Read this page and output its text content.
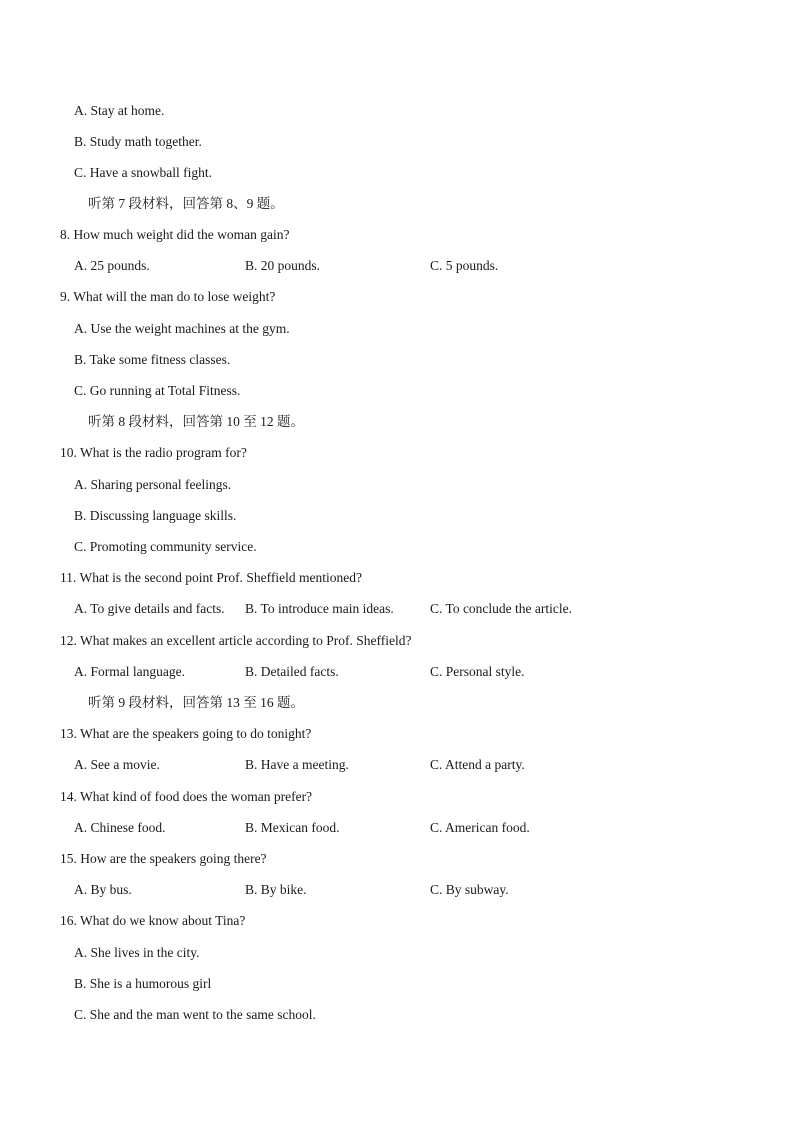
A. Stay at home.
B. Study math together.
C. Have a snowball fight.
听第 7 段材料，回答第 8、9 题。
8. How much weight did the woman gain?
A. 25 pounds.	B. 20 pounds.	C. 5 pounds.
9. What will the man do to lose weight?
A. Use the weight machines at the gym.
B. Take some fitness classes.
C. Go running at Total Fitness.
听第 8 段材料，回答第 10 至 12 题。
10. What is the radio program for?
A. Sharing personal feelings.
B. Discussing language skills.
C. Promoting community service.
11. What is the second point Prof. Sheffield mentioned?
A. To give details and facts. B. To introduce main ideas.	C. To conclude the article.
12. What makes an excellent article according to Prof. Sheffield?
A. Formal language.	B. Detailed facts.	C. Personal style.
听第 9 段材料，回答第 13 至 16 题。
13. What are the speakers going to do tonight?
A. See a movie.	B. Have a meeting.	C. Attend a party.
14. What kind of food does the woman prefer?
A. Chinese food.	B. Mexican food.	C. American food.
15. How are the speakers going there?
A. By bus.	B. By bike.	C. By subway.
16. What do we know about Tina?
A. She lives in the city.
B. She is a humorous girl
C. She and the man went to the same school.
